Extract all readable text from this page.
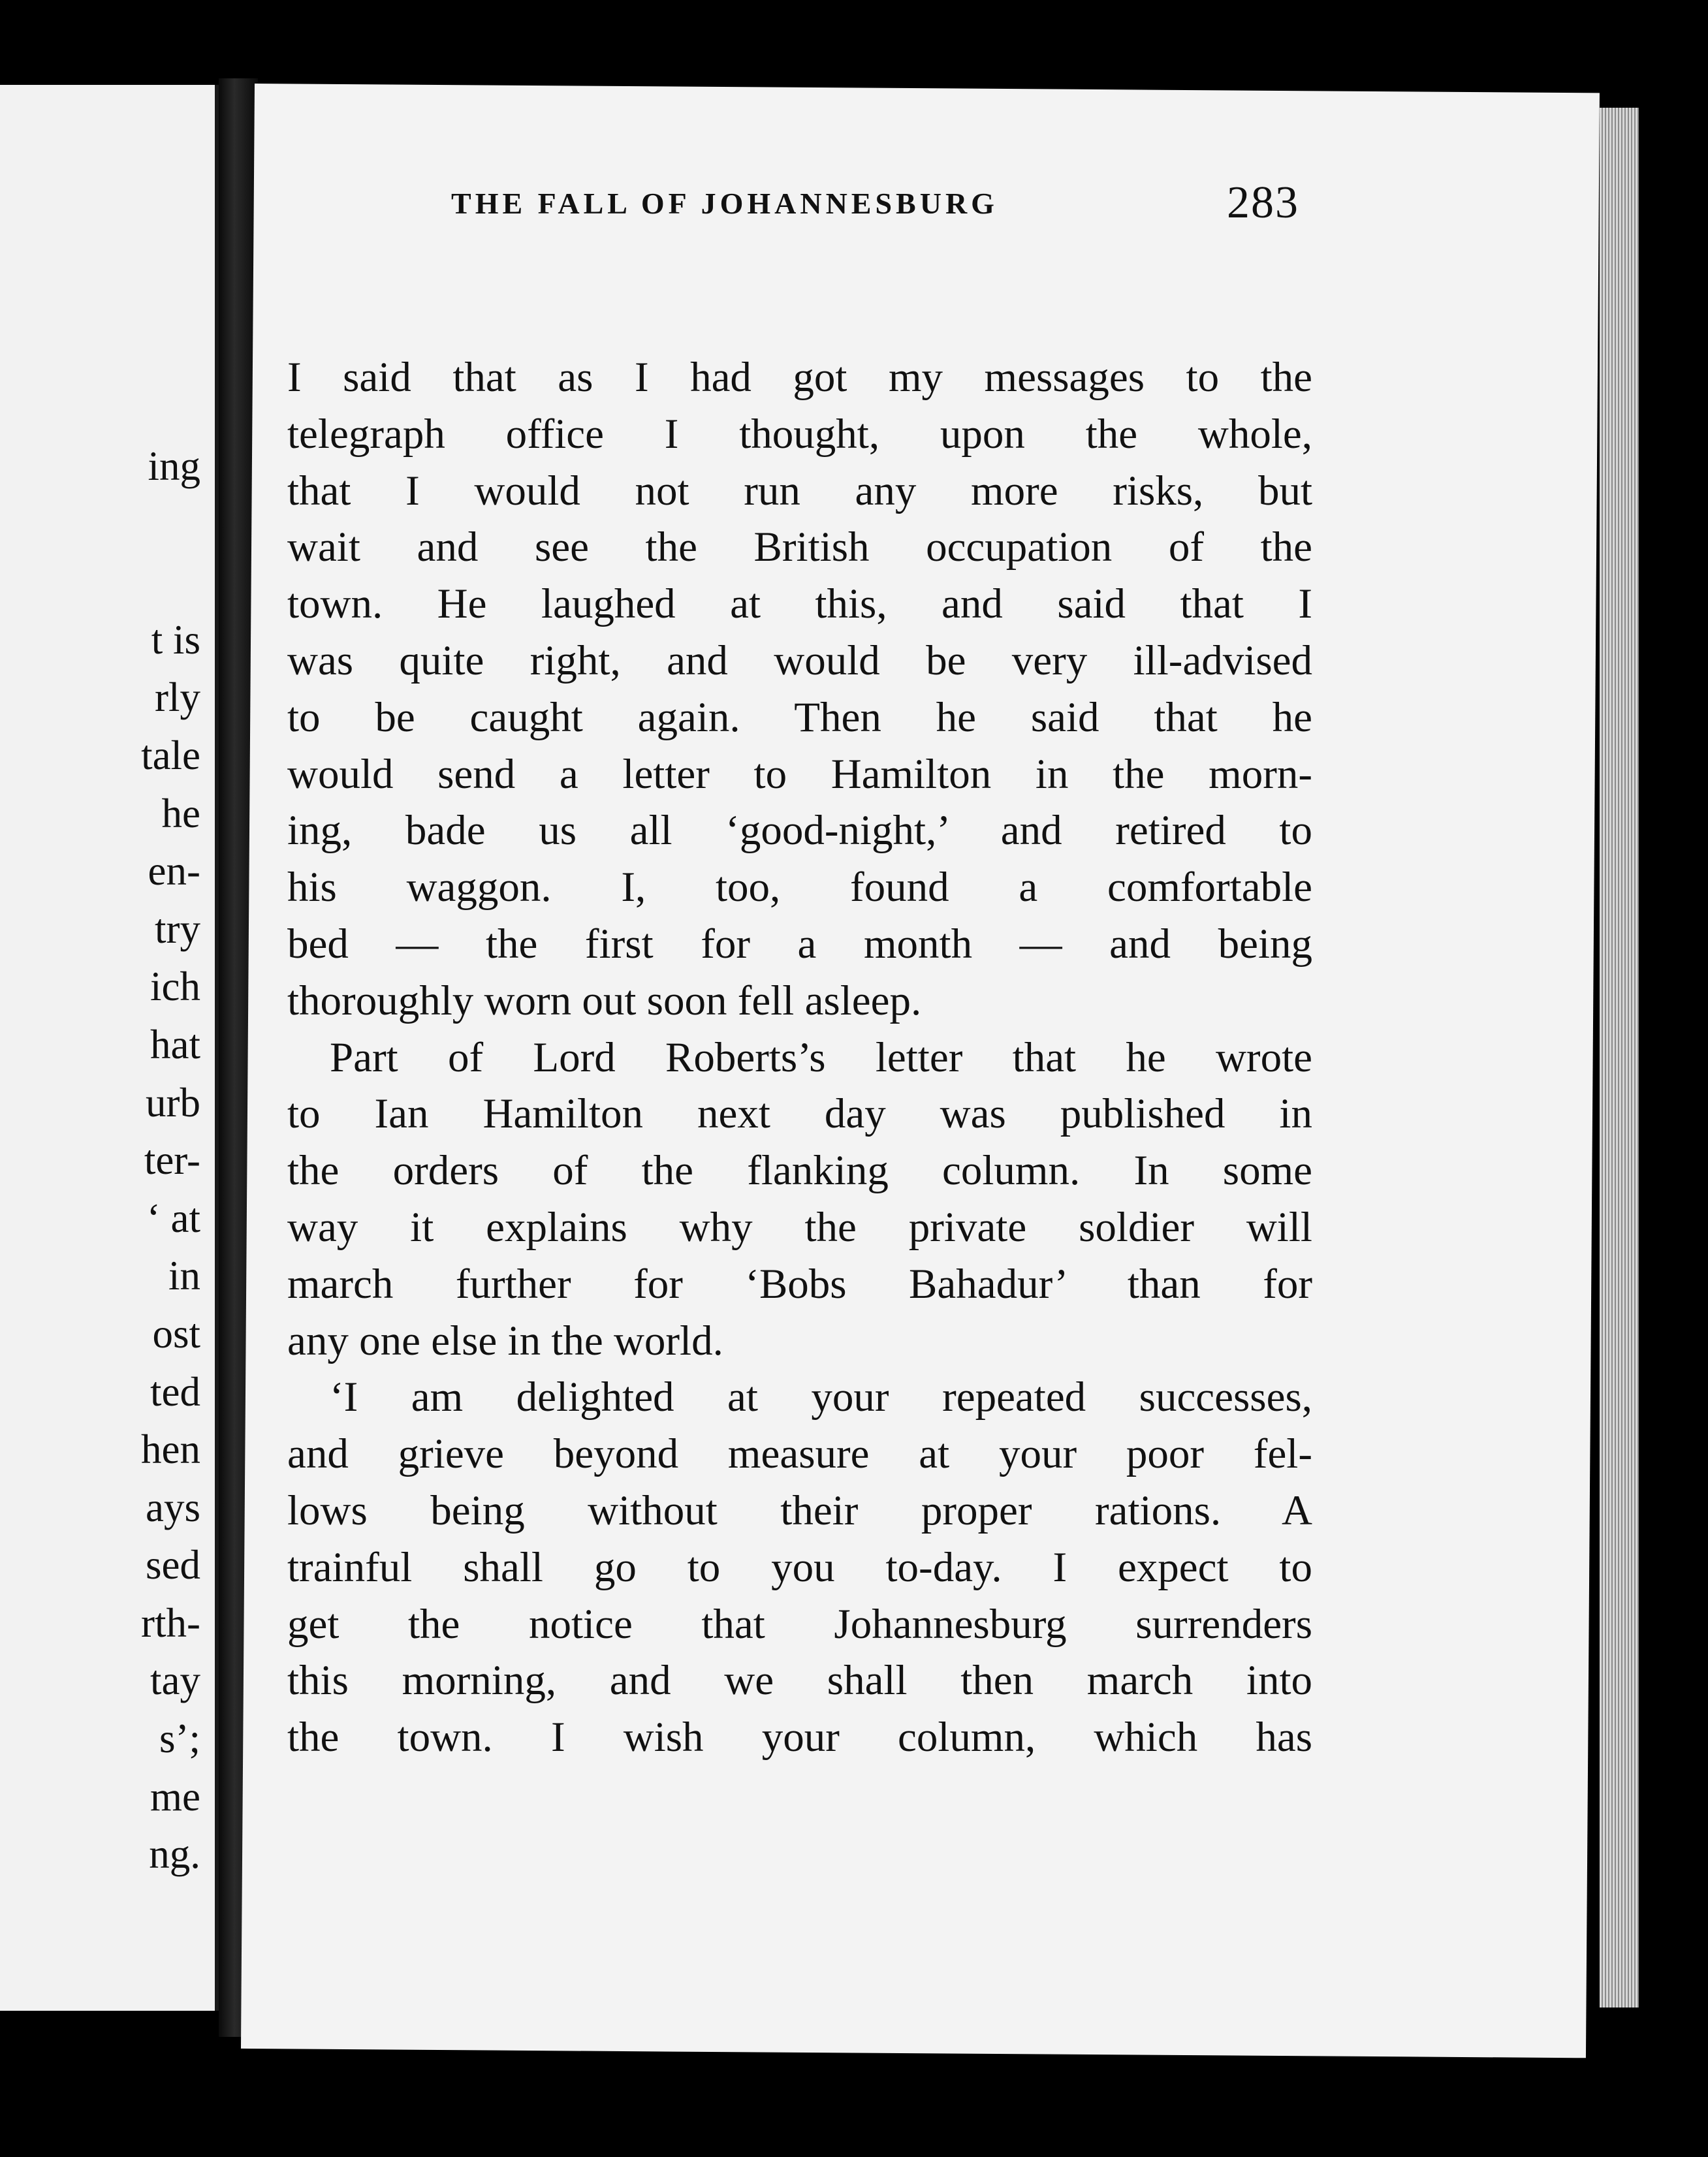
ing
t is
rly
tale
he
en-
try
ich
hat
urb
ter-
‘ at
in
ost
ted
hen
ays
sed
rth-
tay
s’;
me
ng.
THE FALL OF JOHANNESBURG	283
I said that as I had got my messages to the
telegraph office I thought, upon the whole,
that I would not run any more risks, but
wait and see the British occupation of the
town. He laughed at this, and said that I
was quite right, and would be very ill-advised
to be caught again. Then he said that he
would send a letter to Hamilton in the morn-
ing, bade us all ‘good-night,’ and retired to
his waggon. I, too, found a comfortable
bed — the first for a month — and being
thoroughly worn out soon fell asleep.
Part of Lord Roberts’s letter that he wrote
to Ian Hamilton next day was published in
the orders of the flanking column. In some
way it explains why the private soldier will
march further for ‘Bobs Bahadur’ than for
any one else in the world.
‘I am delighted at your repeated successes,
and grieve beyond measure at your poor fel-
lows being without their proper rations. A
trainful shall go to you to-day. I expect to
get the notice that Johannesburg surrenders
this morning, and we shall then march into
the town. I wish your column, which has
